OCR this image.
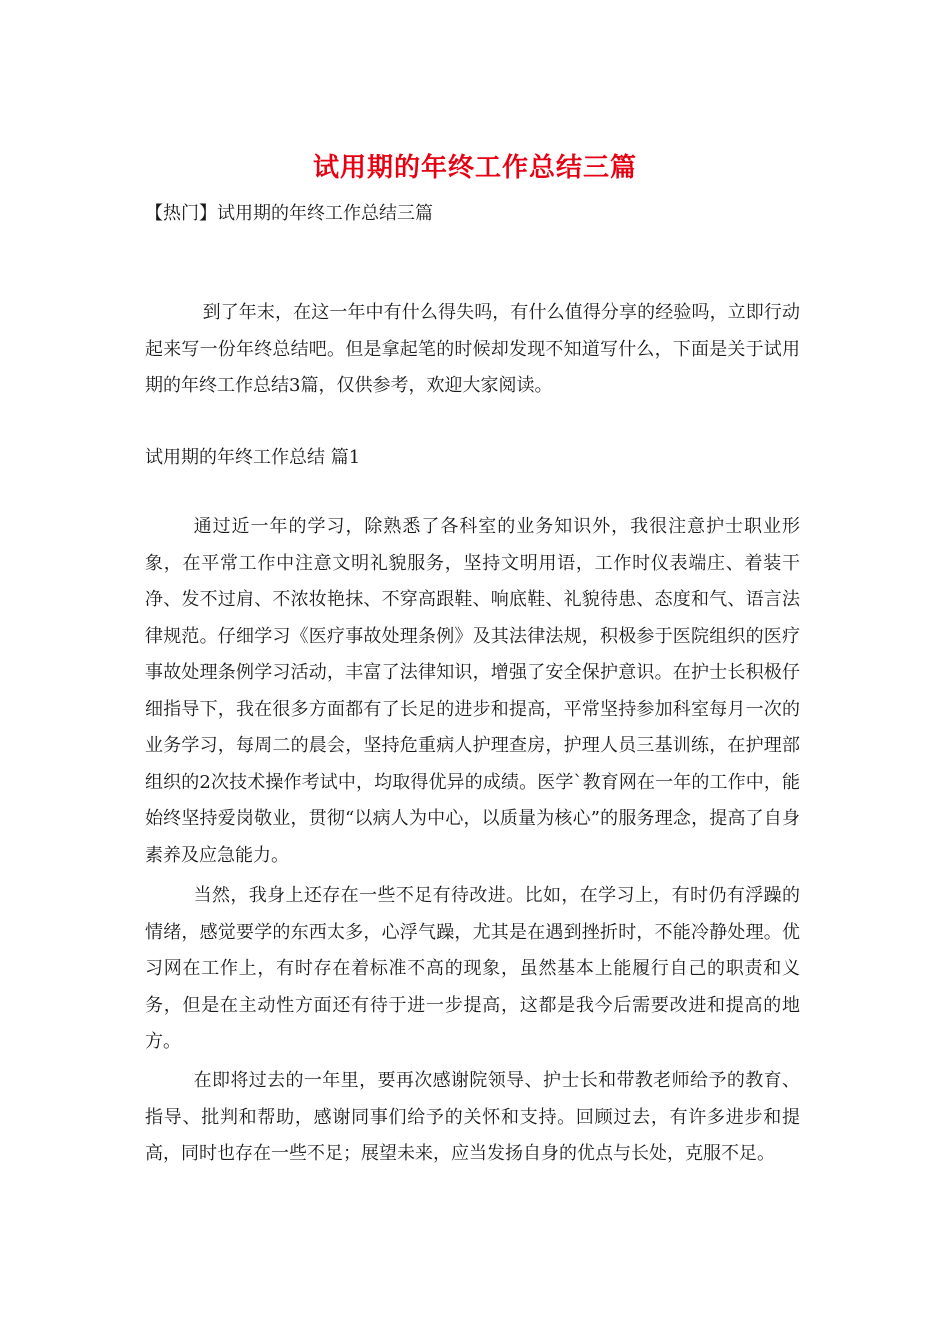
试用期的年终工作总结三篇

【热门】试用期的年终工作总结三篇

到了年末，在这一年中有什么得失吗，有什么值得分享的经验吗，立即行动起来写一份年终总结吧。但是拿起笔的时候却发现不知道写什么，下面是关于试用期的年终工作总结3篇，仅供参考，欢迎大家阅读。

试用期的年终工作总结 篇1

通过近一年的学习，除熟悉了各科室的业务知识外，我很注意护士职业形象，在平常工作中注意文明礼貌服务，坚持文明用语，工作时仪表端庄、着装干净、发不过肩、不浓妆艳抹、不穿高跟鞋、响底鞋、礼貌待患、态度和气、语言法律规范。仔细学习《医疗事故处理条例》及其法律法规，积极参于医院组织的医疗事故处理条例学习活动，丰富了法律知识，增强了安全保护意识。在护士长积极仔细指导下，我在很多方面都有了长足的进步和提高，平常坚持参加科室每月一次的业务学习，每周二的晨会，坚持危重病人护理查房，护理人员三基训练，在护理部组织的2次技术操作考试中，均取得优异的成绩。医学`教育网在一年的工作中，能始终坚持爱岗敬业，贯彻“以病人为中心，以质量为核心”的服务理念，提高了自身素养及应急能力。

当然，我身上还存在一些不足有待改进。比如，在学习上，有时仍有浮躁的情绪，感觉要学的东西太多，心浮气躁，尤其是在遇到挫折时，不能冷静处理。优习网在工作上，有时存在着标准不高的现象，虽然基本上能履行自己的职责和义务，但是在主动性方面还有待于进一步提高，这都是我今后需要改进和提高的地方。

在即将过去的一年里，要再次感谢院领导、护士长和带教老师给予的教育、指导、批判和帮助，感谢同事们给予的关怀和支持。回顾过去，有许多进步和提高，同时也存在一些不足；展望未来，应当发扬自身的优点与长处，克服不足。
